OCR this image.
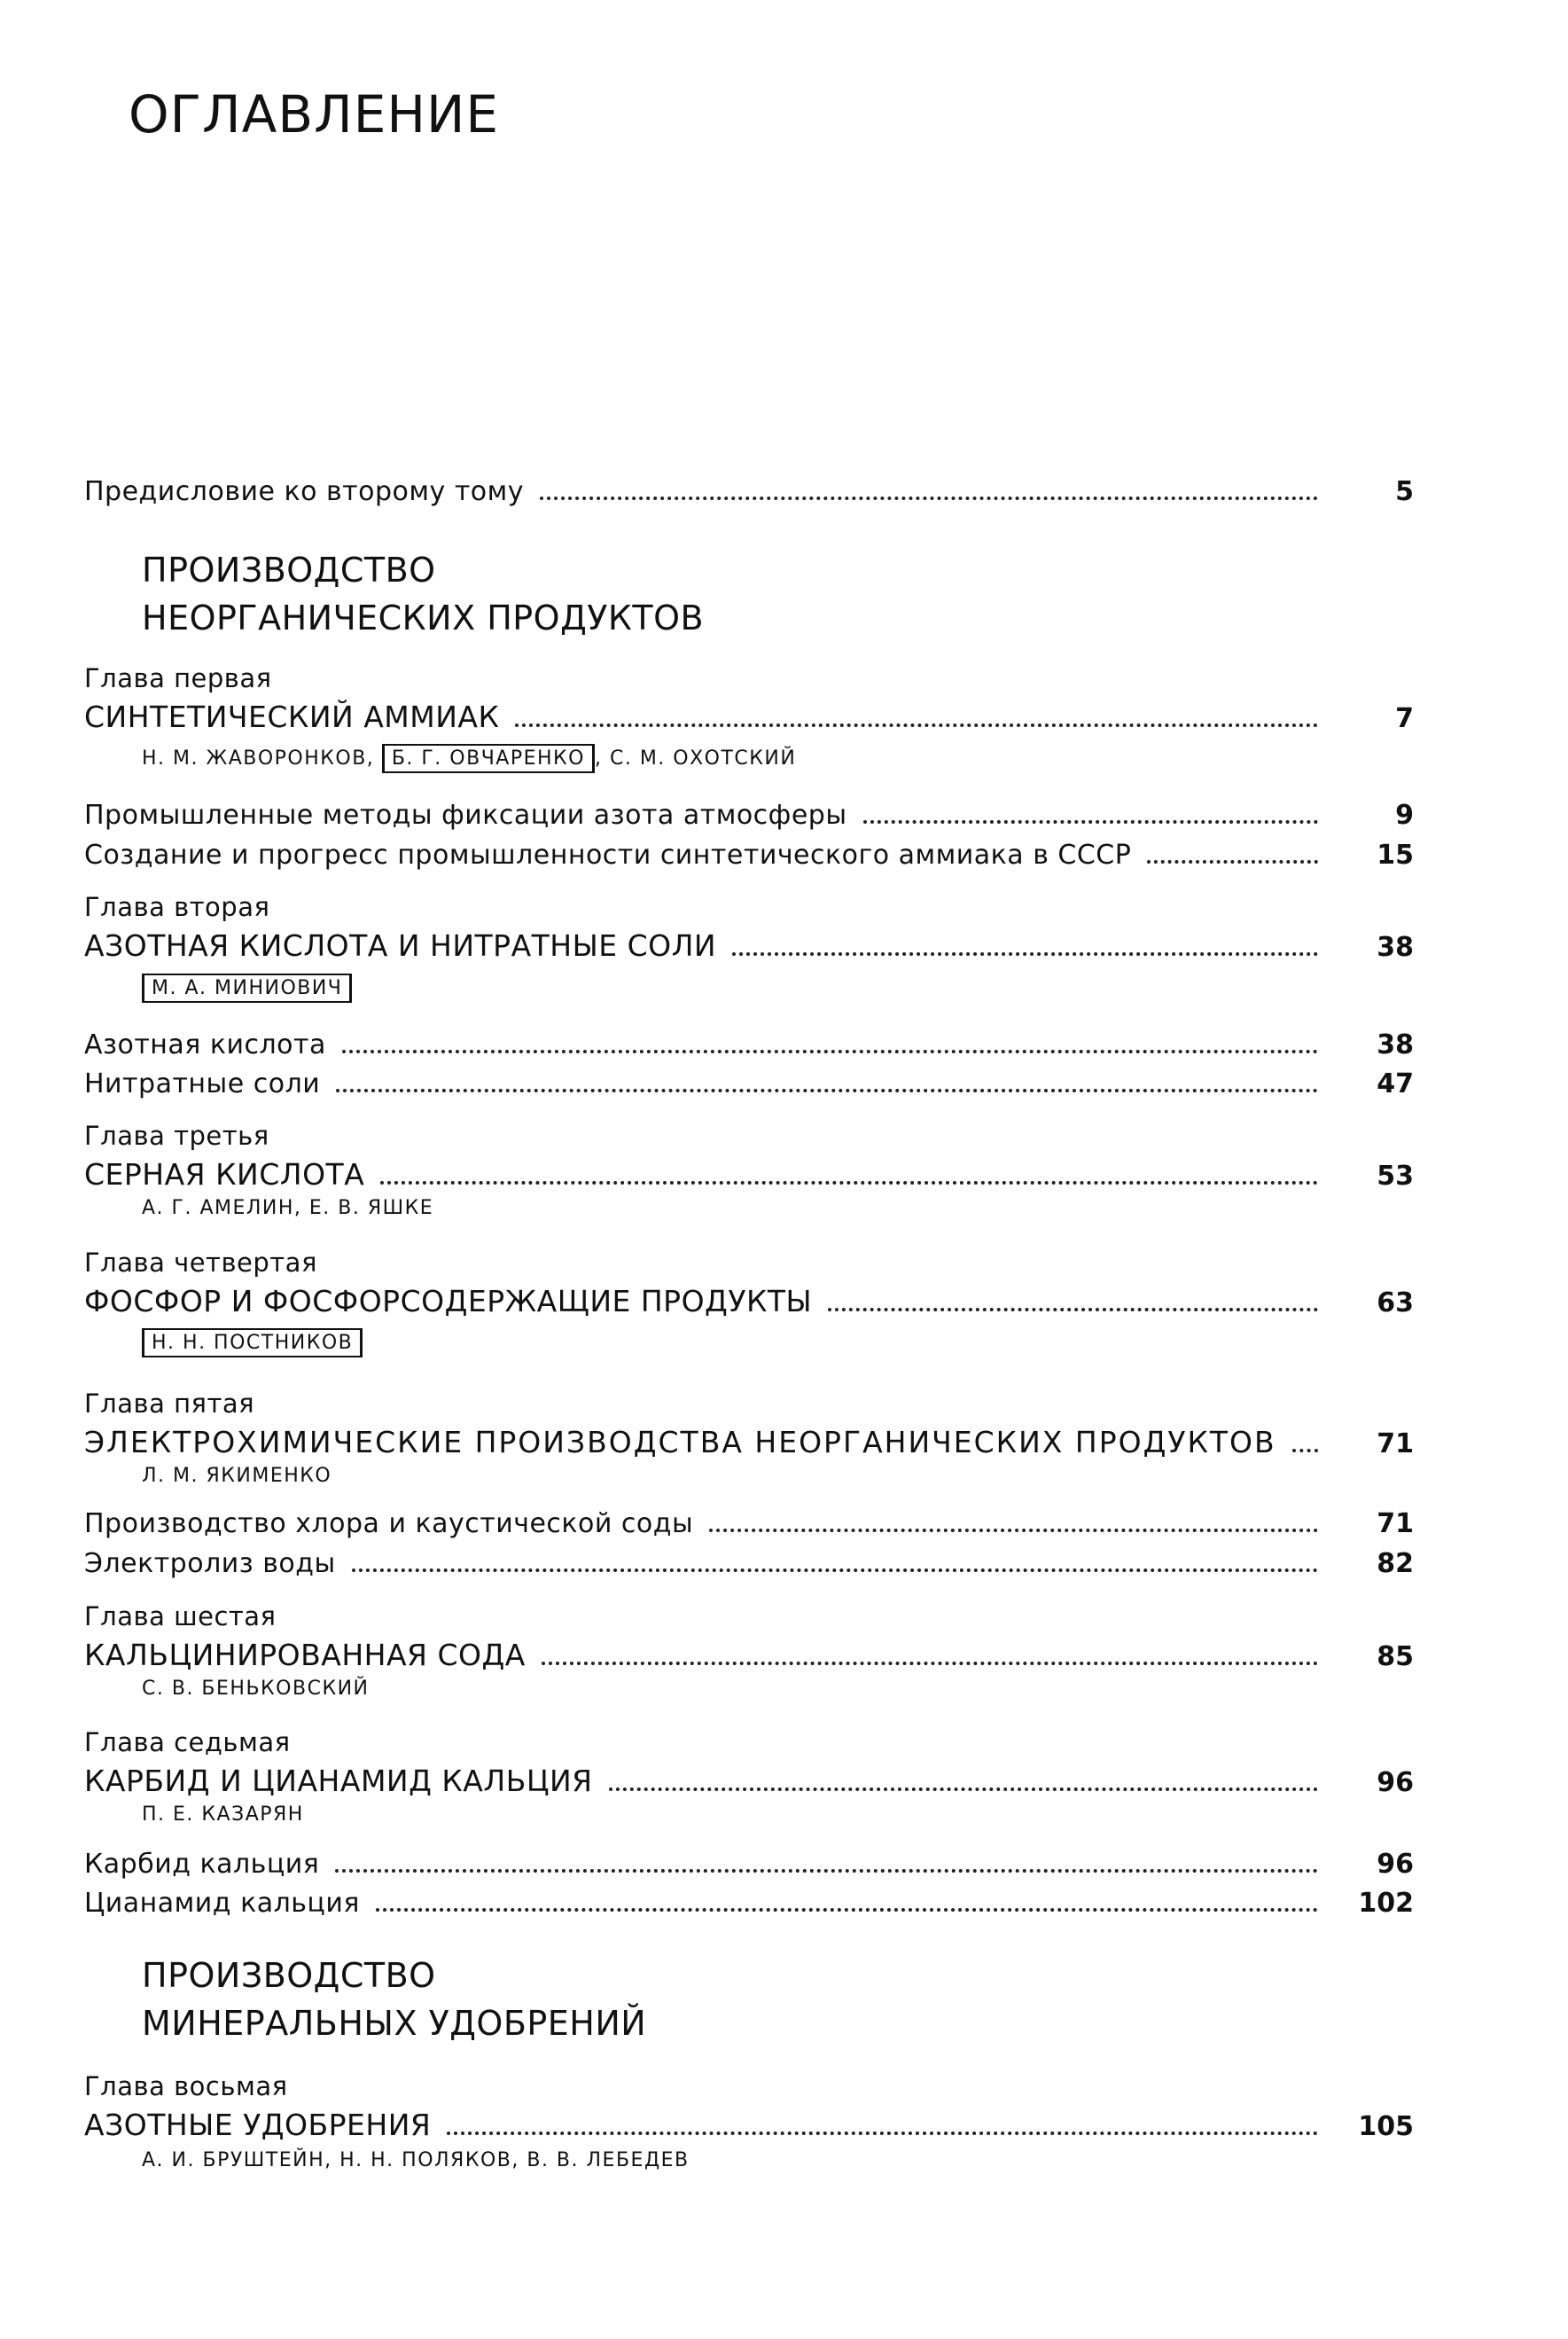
ОГЛАВЛЕНИЕ
Предисловие ко второму тому	5
ПРОИЗВОДСТВО
НЕОРГАНИЧЕСКИХ ПРОДУКТОВ
Глава первая
СИНТЕТИЧЕСКИЙ АММИАК	7
Н. М. ЖАВОРОНКОВ, Б. Г. ОВЧАРЕНКО , С. М. ОХОТСКИЙ
Промышленные методы фиксации азота атмосферы	9
Создание и прогресс промышленности синтетического аммиака в СССР	15
Глава вторая
АЗОТНАЯ КИСЛОТА И НИТРАТНЫЕ СОЛИ	38
М. А. МИНИОВИЧ
Азотная кислота	38
Нитратные соли	47
Глава третья
СЕРНАЯ КИСЛОТА	53
А. Г. АМЕЛИН, Е. В. ЯШКЕ
Глава четвертая
ФОСФОР И ФОСФОРСОДЕРЖАЩИЕ ПРОДУКТЫ	63
Н. Н. ПОСТНИКОВ
Глава пятая
ЭЛЕКТРОХИМИЧЕСКИЕ ПРОИЗВОДСТВА НЕОРГАНИЧЕСКИХ ПРОДУКТОВ	71
Л. М. ЯКИМЕНКО
Производство хлора и каустической соды	71
Электролиз воды	82
Глава шестая
КАЛЬЦИНИРОВАННАЯ СОДА	85
С. В. БЕНЬКОВСКИЙ
Глава седьмая
КАРБИД И ЦИАНАМИД КАЛЬЦИЯ	96
П. Е. КАЗАРЯН
Карбид кальция	96
Цианамид кальция	102
ПРОИЗВОДСТВО
МИНЕРАЛЬНЫХ УДОБРЕНИЙ
Глава восьмая
АЗОТНЫЕ УДОБРЕНИЯ	105
А. И. БРУШТЕЙН, Н. Н. ПОЛЯКОВ, В. В. ЛЕБЕДЕВ
